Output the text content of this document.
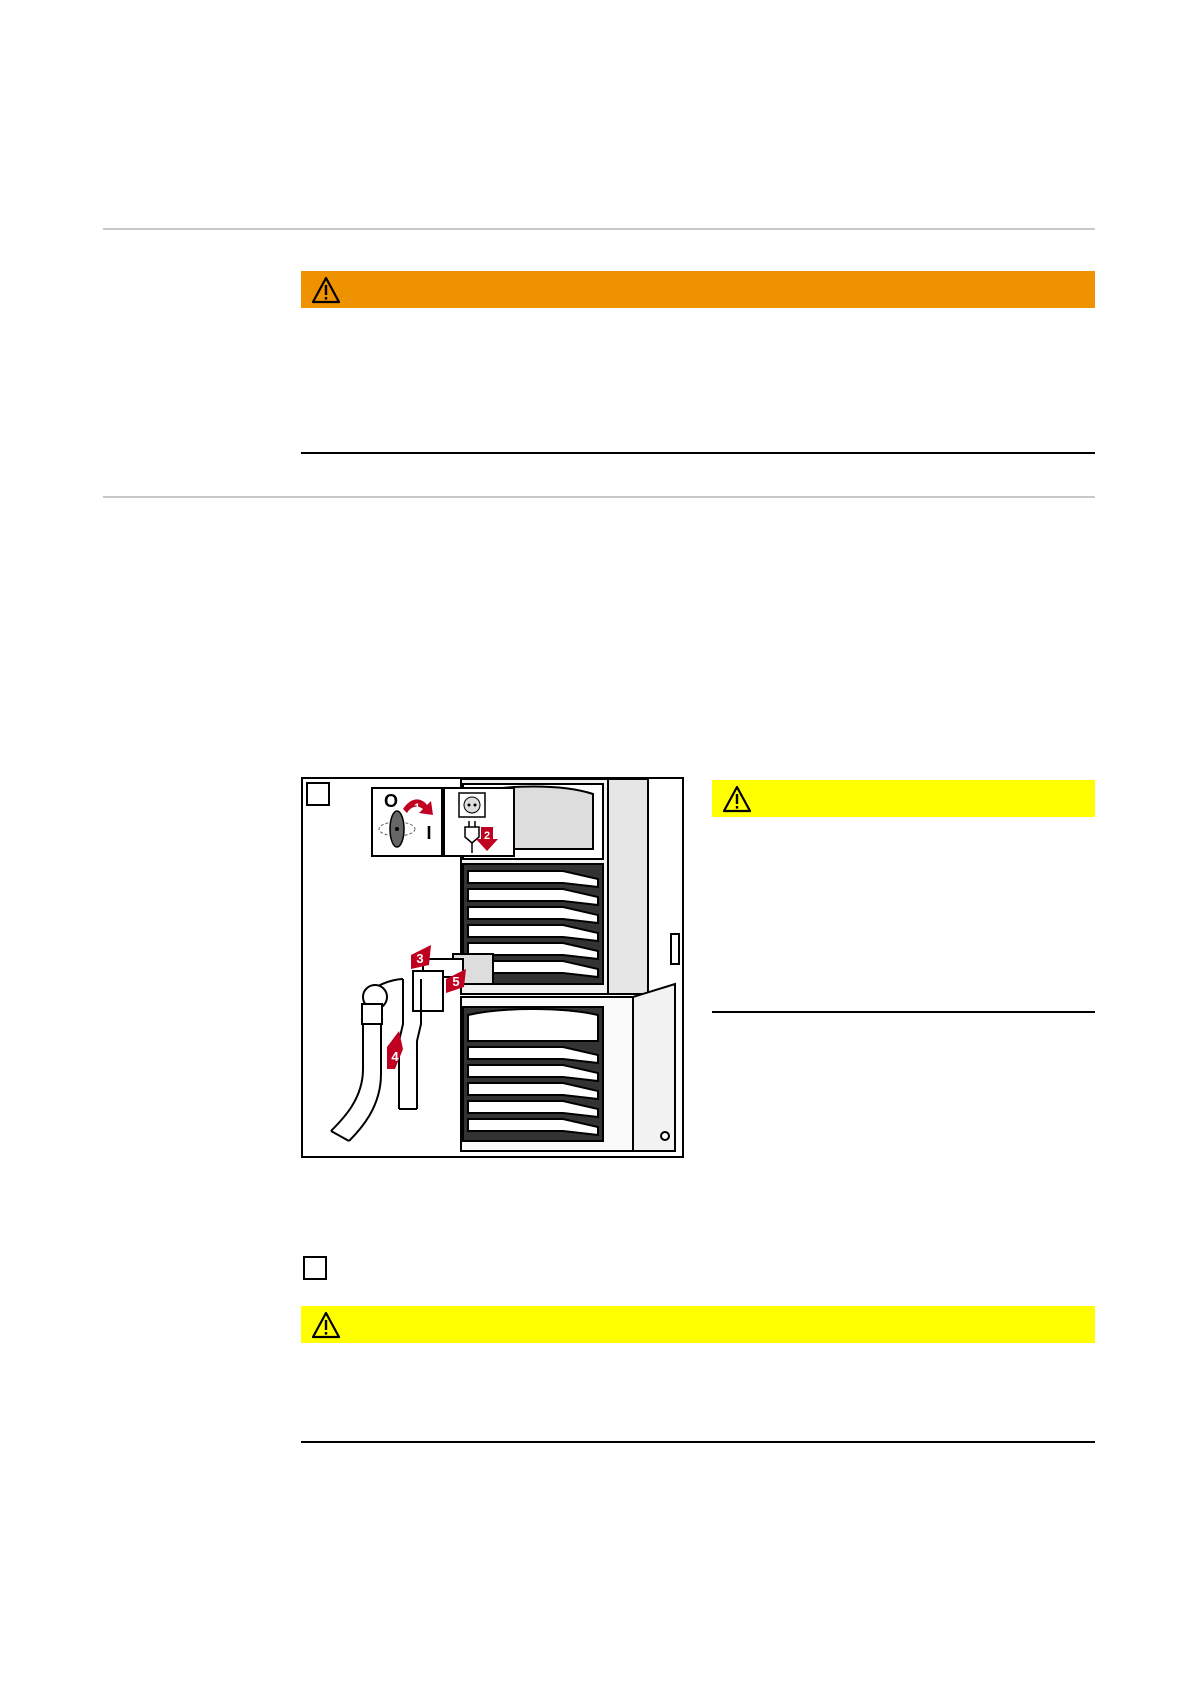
3
5
4
O
I
1
2
